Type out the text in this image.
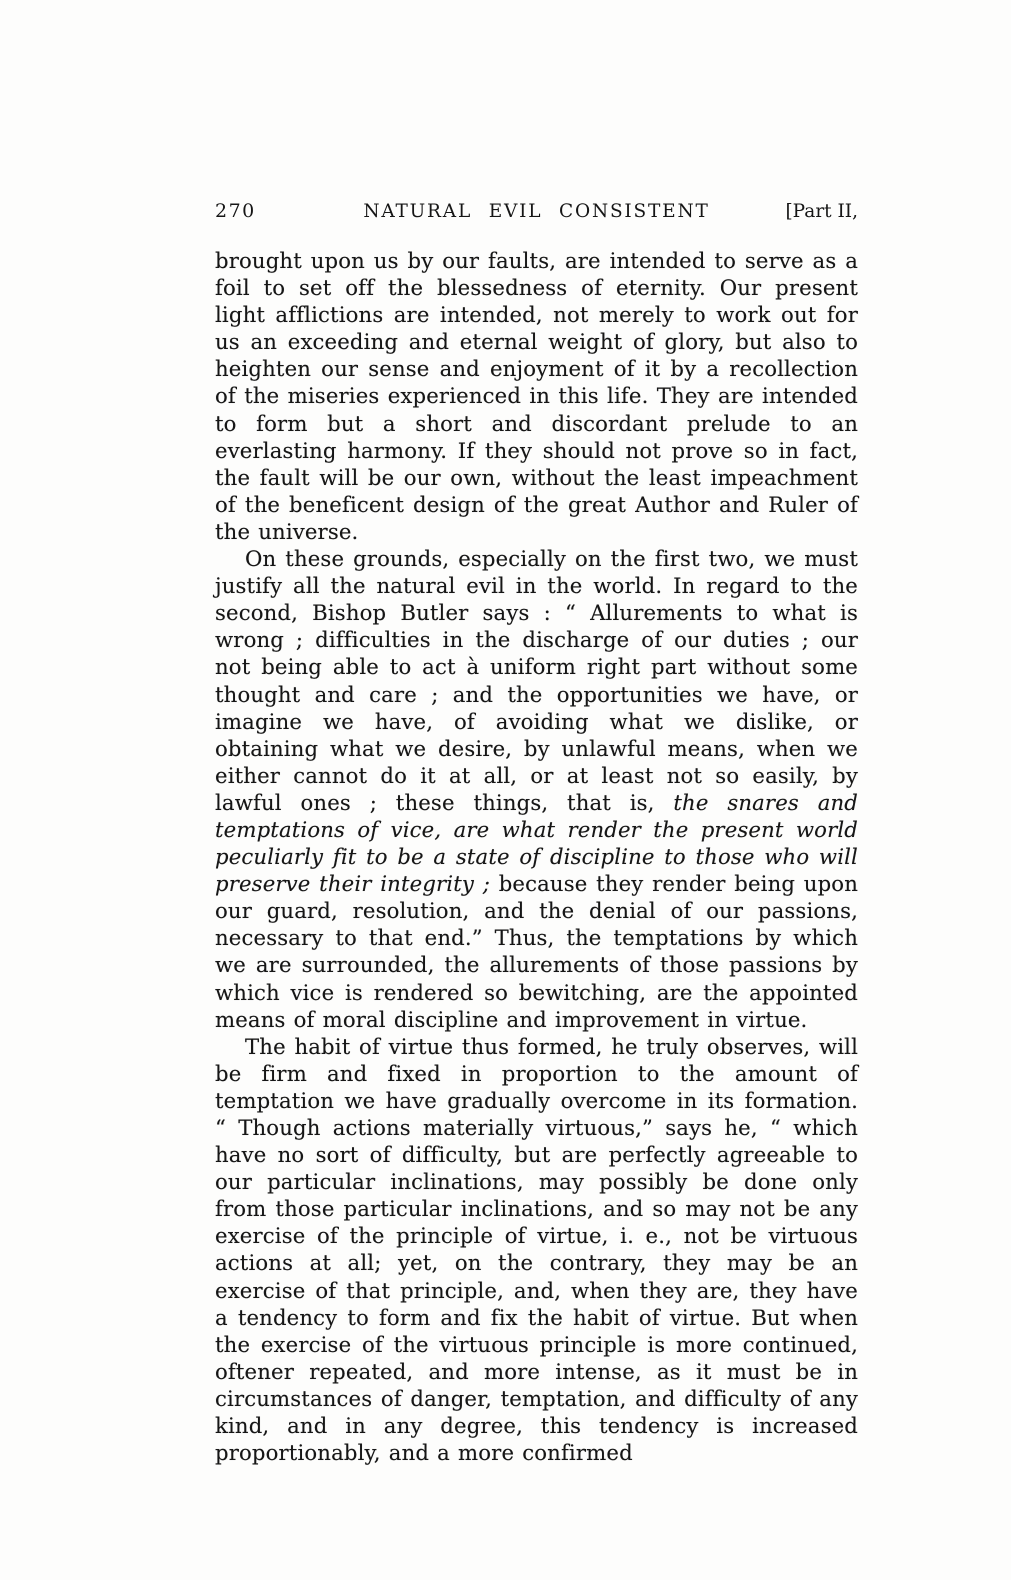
270	NATURAL EVIL CONSISTENT	[Part II,

brought upon us by our faults, are intended to serve as a foil to set off the blessedness of eternity. Our present light afflictions are intended, not merely to work out for us an exceeding and eternal weight of glory, but also to heighten our sense and enjoyment of it by a recollection of the miseries experienced in this life. They are intended to form but a short and discordant prelude to an everlasting harmony. If they should not prove so in fact, the fault will be our own, without the least impeachment of the beneficent design of the great Author and Ruler of the universe.

On these grounds, especially on the first two, we must justify all the natural evil in the world. In regard to the second, Bishop Butler says : “ Allurements to what is wrong ; difficulties in the discharge of our duties ; our not being able to act à uniform right part without some thought and care ; and the opportunities we have, or imagine we have, of avoiding what we dislike, or obtaining what we desire, by unlawful means, when we either cannot do it at all, or at least not so easily, by lawful ones ; these things, that is, the snares and temptations of vice, are what render the present world peculiarly fit to be a state of discipline to those who will preserve their integrity ; because they render being upon our guard, resolution, and the denial of our passions, necessary to that end.” Thus, the temptations by which we are surrounded, the allurements of those passions by which vice is rendered so bewitching, are the appointed means of moral discipline and improvement in virtue.

The habit of virtue thus formed, he truly observes, will be firm and fixed in proportion to the amount of temptation we have gradually overcome in its formation. “ Though actions materially virtuous,” says he, “ which have no sort of difficulty, but are perfectly agreeable to our particular inclinations, may possibly be done only from those particular inclinations, and so may not be any exercise of the principle of virtue, i. e., not be virtuous actions at all; yet, on the contrary, they may be an exercise of that principle, and, when they are, they have a tendency to form and fix the habit of virtue. But when the exercise of the virtuous principle is more continued, oftener repeated, and more intense, as it must be in circumstances of danger, temptation, and difficulty of any kind, and in any degree, this tendency is increased proportionably, and a more confirmed
